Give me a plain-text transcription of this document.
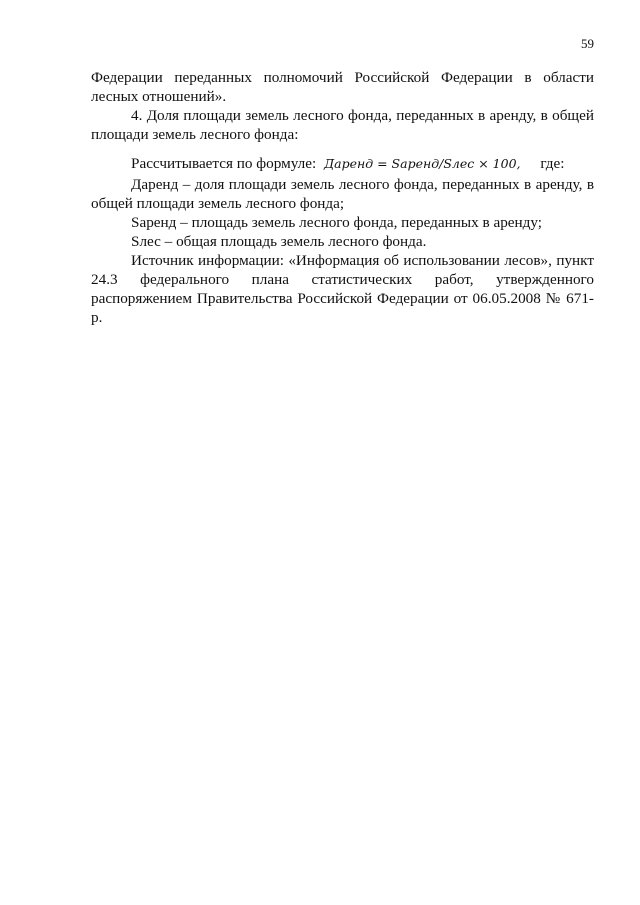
59

Федерации переданных полномочий Российской Федерации в области лесных отношений».

4. Доля площади земель лесного фонда, переданных в аренду, в общей площади земель лесного фонда:

Рассчитывается по формуле: Даренд = Sаренд/Sлес × 100, где:

Даренд – доля площади земель лесного фонда, переданных в аренду, в общей площади земель лесного фонда;

Sаренд – площадь земель лесного фонда, переданных в аренду;

Sлес – общая площадь земель лесного фонда.

Источник информации: «Информация об использовании лесов», пункт 24.3 федерального плана статистических работ, утвержденного распоряжением Правительства Российской Федерации от 06.05.2008 № 671-р.
